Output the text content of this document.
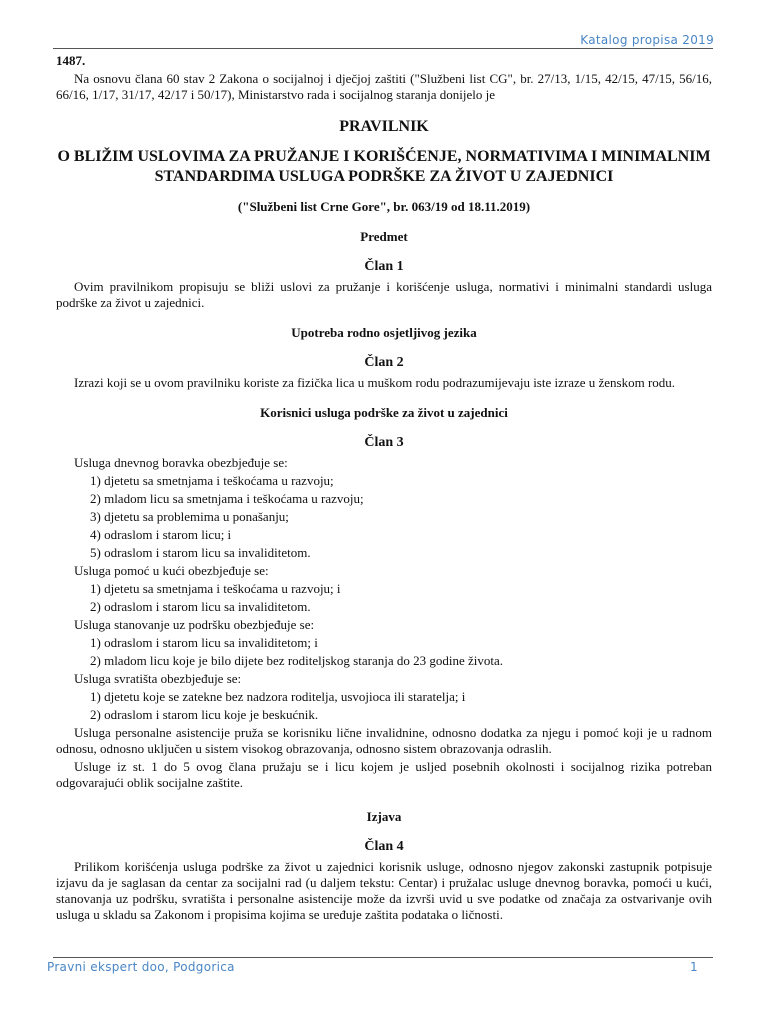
Katalog propisa 2019

1487.

Na osnovu člana 60 stav 2 Zakona o socijalnoj i dječjoj zaštiti ("Službeni list CG", br. 27/13, 1/15, 42/15, 47/15, 56/16, 66/16, 1/17, 31/17, 42/17 i 50/17), Ministarstvo rada i socijalnog staranja donijelo je

PRAVILNIK

O BLIŽIM USLOVIMA ZA PRUŽANJE I KORIŠĆENJE, NORMATIVIMA I MINIMALNIM STANDARDIMA USLUGA PODRŠKE ZA ŽIVOT U ZAJEDNICI

("Službeni list Crne Gore", br. 063/19 od 18.11.2019)

Predmet

Član 1

Ovim pravilnikom propisuju se bliži uslovi za pružanje i korišćenje usluga, normativi i minimalni standardi usluga podrške za život u zajednici.

Upotreba rodno osjetljivog jezika

Član 2

Izrazi koji se u ovom pravilniku koriste za fizička lica u muškom rodu podrazumijevaju iste izraze u ženskom rodu.

Korisnici usluga podrške za život u zajednici

Član 3

Usluga dnevnog boravka obezbjeđuje se:

1) djetetu sa smetnjama i teškoćama u razvoju;

2) mladom licu sa smetnjama i teškoćama u razvoju;

3) djetetu sa problemima u ponašanju;

4) odraslom i starom licu; i

5) odraslom i starom licu sa invaliditetom.

Usluga pomoć u kući obezbjeđuje se:

1) djetetu sa smetnjama i teškoćama u razvoju; i

2) odraslom i starom licu sa invaliditetom.

Usluga stanovanje uz podršku obezbjeđuje se:

1) odraslom i starom licu sa invaliditetom; i

2) mladom licu koje je bilo dijete bez roditeljskog staranja do 23 godine života.

Usluga svratišta obezbjeđuje se:

1) djetetu koje se zatekne bez nadzora roditelja, usvojioca ili staratelja; i

2) odraslom i starom licu koje je beskućnik.

Usluga personalne asistencije pruža se korisniku lične invalidnine, odnosno dodatka za njegu i pomoć koji je u radnom odnosu, odnosno uključen u sistem visokog obrazovanja, odnosno sistem obrazovanja odraslih.

Usluge iz st. 1 do 5 ovog člana pružaju se i licu kojem je usljed posebnih okolnosti i socijalnog rizika potreban odgovarajući oblik socijalne zaštite.

Izjava

Član 4

Prilikom korišćenja usluga podrške za život u zajednici korisnik usluge, odnosno njegov zakonski zastupnik potpisuje izjavu da je saglasan da centar za socijalni rad (u daljem tekstu: Centar) i pružalac usluge dnevnog boravka, pomoći u kući, stanovanja uz podršku, svratišta i personalne asistencije može da izvrši uvid u sve podatke od značaja za ostvarivanje ovih usluga u skladu sa Zakonom i propisima kojima se uređuje zaštita podataka o ličnosti.

Pravni ekspert doo, Podgorica	1
